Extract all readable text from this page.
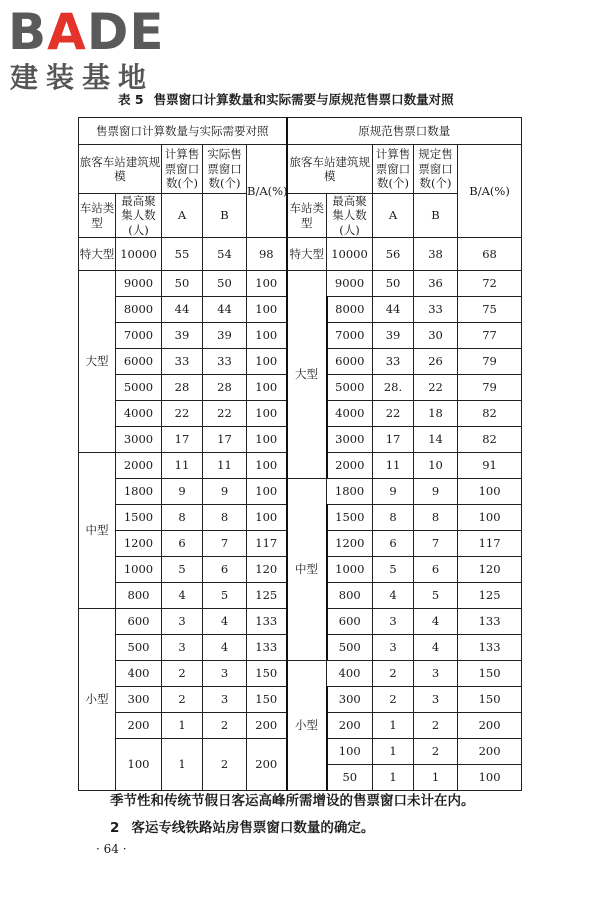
BADE
建装基地
表 5 售票窗口计算数量和实际需要与原规范售票口数量对照
售票窗口计算数量与实际需要对照					原规范售票口数量				
旅客车站建筑规模		计算售票窗口数(个)	实际售票窗口数(个)	B/A(%)	旅客车站建筑规模		计算售票窗口数(个)	规定售票窗口数(个)	B/A(%)
车站类型	最高聚集人数(人)	A	B		车站类型	最高聚集人数(人)	A	B	
特大型	10000	55	54	98	特大型	10000	56	38	68
大型	9000	50	50	100	大型	9000	50	36	72
	8000	44	44	100		8000	44	33	75
	7000	39	39	100		7000	39	30	77
	6000	33	33	100		6000	33	26	79
	5000	28	28	100		5000	28.	22	79
	4000	22	22	100		4000	22	18	82
	3000	17	17	100		3000	17	14	82
中型	2000	11	11	100		2000	11	10	91
	1800	9	9	100	中型	1800	9	9	100
	1500	8	8	100		1500	8	8	100
	1200	6	7	117		1200	6	7	117
	1000	5	6	120		1000	5	6	120
	800	4	5	125		800	4	5	125
小型	600	3	4	133		600	3	4	133
	500	3	4	133		500	3	4	133
	400	2	3	150	小型	400	2	3	150
	300	2	3	150		300	2	3	150
	200	1	2	200		200	1	2	200
	100	1	2	200		100	1	2	200
						50	1	1	100
季节性和传统节假日客运高峰所需增设的售票窗口未计在内。
2 客运专线铁路站房售票窗口数量的确定。
· 64 ·
